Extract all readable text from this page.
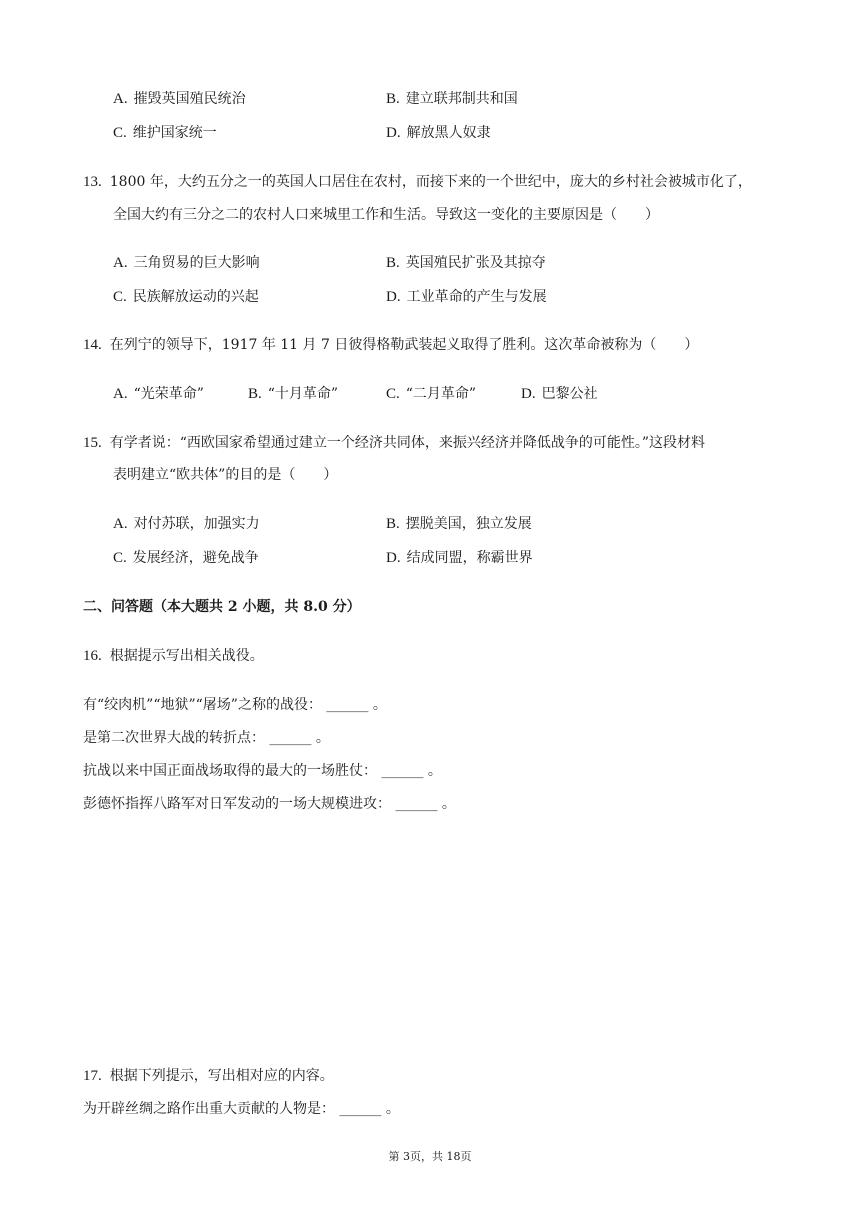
A. 摧毁英国殖民统治	B. 建立联邦制共和国
C. 维护国家统一	D. 解放黑人奴隶
13. 1800 年，大约五分之一的英国人口居住在农村，而接下来的一个世纪中，庞大的乡村社会被城市化了，
全国大约有三分之二的农村人口来城里工作和生活。导致这一变化的主要原因是（　　）
A. 三角贸易的巨大影响	B. 英国殖民扩张及其掠夺
C. 民族解放运动的兴起	D. 工业革命的产生与发展
14. 在列宁的领导下，1917 年 11 月 7 日彼得格勒武装起义取得了胜利。这次革命被称为（　　）
A. “光荣革命”	B. “十月革命”	C. “二月革命”	D. 巴黎公社
15. 有学者说：“西欧国家希望通过建立一个经济共同体，来振兴经济并降低战争的可能性。”这段材料
表明建立“欧共体”的目的是（　　）
A. 对付苏联，加强实力	B. 摆脱美国，独立发展
C. 发展经济，避免战争	D. 结成同盟，称霸世界
二、问答题（本大题共 2 小题，共 8.0 分）
16. 根据提示写出相关战役。
有“绞肉机”“地狱”“屠场”之称的战役： ______ 。
是第二次世界大战的转折点： ______ 。
抗战以来中国正面战场取得的最大的一场胜仗： ______ 。
彭德怀指挥八路军对日军发动的一场大规模进攻： ______ 。
17. 根据下列提示，写出相对应的内容。
为开辟丝绸之路作出重大贡献的人物是： ______ 。
第 3页，共 18页
